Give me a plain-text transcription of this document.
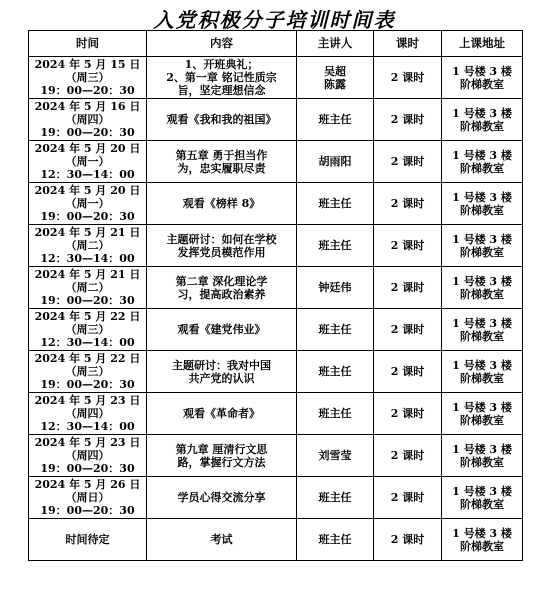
入党积极分子培训时间表
时间	内容	主讲人	课时	上课地址

2024 年 5 月 15 日
（周三）
19：00—20：30	1、开班典礼；
2、第一章 铭记性质宗
旨，坚定理想信念	吴超
陈露	2 课时	1 号楼 3 楼
阶梯教室

2024 年 5 月 16 日
（周四）
19：00—20：30	观看《我和我的祖国》	班主任	2 课时	1 号楼 3 楼
阶梯教室

2024 年 5 月 20 日
（周一）
12：30—14：00	第五章 勇于担当作
为，忠实履职尽责	胡雨阳	2 课时	1 号楼 3 楼
阶梯教室

2024 年 5 月 20 日
（周一）
19：00—20：30	观看《榜样 8》	班主任	2 课时	1 号楼 3 楼
阶梯教室

2024 年 5 月 21 日
（周二）
12：30—14：00	主题研讨：如何在学校
发挥党员模范作用	班主任	2 课时	1 号楼 3 楼
阶梯教室

2024 年 5 月 21 日
（周二）
19：00—20：30	第二章 深化理论学
习，提高政治素养	钟廷伟	2 课时	1 号楼 3 楼
阶梯教室

2024 年 5 月 22 日
（周三）
12：30—14：00	观看《建党伟业》	班主任	2 课时	1 号楼 3 楼
阶梯教室

2024 年 5 月 22 日
（周三）
19：00—20：30	主题研讨：我对中国
共产党的认识	班主任	2 课时	1 号楼 3 楼
阶梯教室

2024 年 5 月 23 日
（周四）
12：30—14：00	观看《革命者》	班主任	2 课时	1 号楼 3 楼
阶梯教室

2024 年 5 月 23 日
（周四）
19：00—20：30	第九章 厘清行文思
路，掌握行文方法	刘雪莹	2 课时	1 号楼 3 楼
阶梯教室

2024 年 5 月 26 日
（周日）
19：00—20：30	学员心得交流分享	班主任	2 课时	1 号楼 3 楼
阶梯教室

时间待定	考试	班主任	2 课时	1 号楼 3 楼
阶梯教室
